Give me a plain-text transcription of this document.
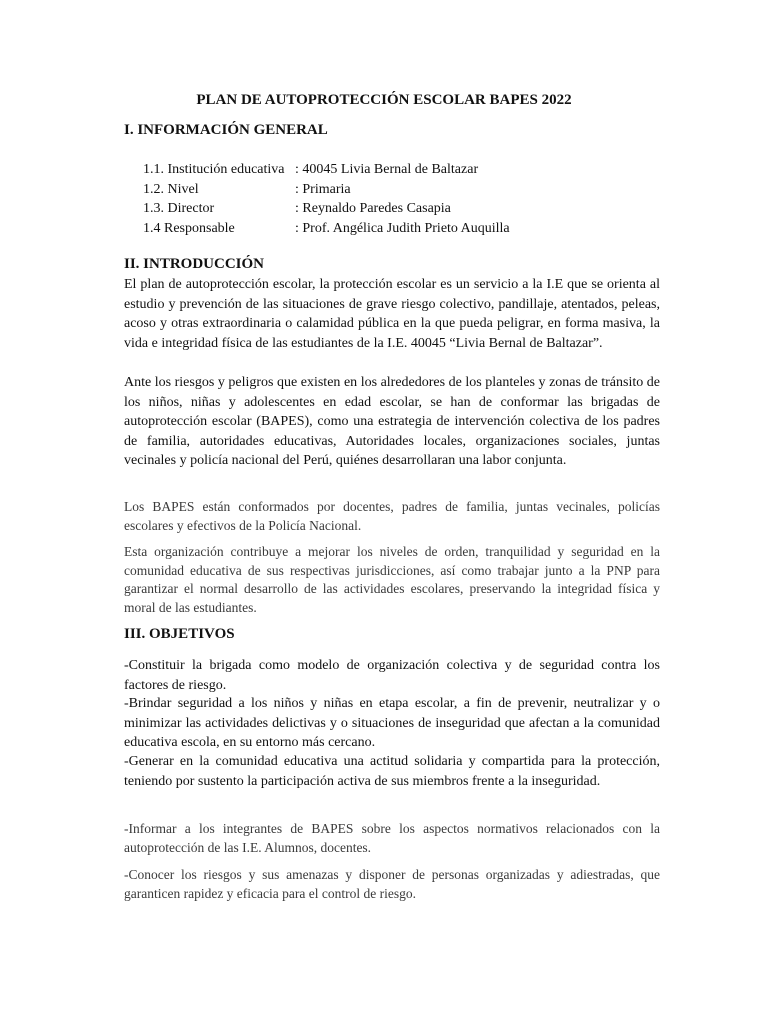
PLAN DE AUTOPROTECCIÓN ESCOLAR BAPES 2022
I. INFORMACIÓN GENERAL
1.1. Institución educativa : 40045 Livia Bernal de Baltazar
1.2. Nivel	: Primaria
1.3. Director	: Reynaldo Paredes Casapia
1.4 Responsable	: Prof. Angélica Judith Prieto Auquilla
II. INTRODUCCIÓN

El plan de autoprotección escolar, la protección escolar es un servicio a la I.E que se orienta al estudio y prevención de las situaciones de grave riesgo colectivo, pandillaje, atentados, peleas, acoso y otras extraordinaria o calamidad pública en la que pueda peligrar, en forma masiva, la vida e integridad física de las estudiantes de la I.E. 40045 “Livia Bernal de Baltazar”.

Ante los riesgos y peligros que existen en los alrededores de los planteles y zonas de tránsito de los niños, niñas y adolescentes en edad escolar, se han de conformar las brigadas de autoprotección escolar (BAPES), como una estrategia de intervención colectiva de los padres de familia, autoridades educativas, Autoridades locales, organizaciones sociales, juntas vecinales y policía nacional del Perú, quiénes desarrollaran una labor conjunta.

Los BAPES están conformados por docentes, padres de familia, juntas vecinales, policías escolares y efectivos de la Policía Nacional.

Esta organización contribuye a mejorar los niveles de orden, tranquilidad y seguridad en la comunidad educativa de sus respectivas jurisdicciones, así como trabajar junto a la PNP para garantizar el normal desarrollo de las actividades escolares, preservando la integridad física y moral de las estudiantes.

III. OBJETIVOS

-Constituir la brigada como modelo de organización colectiva y de seguridad contra los factores de riesgo.

-Brindar seguridad a los niños y niñas en etapa escolar, a fin de prevenir, neutralizar y o minimizar las actividades delictivas y o situaciones de inseguridad que afectan a la comunidad educativa escola, en su entorno más cercano.

-Generar en la comunidad educativa una actitud solidaria y compartida para la protección, teniendo por sustento la participación activa de sus miembros frente a la inseguridad.

-Informar a los integrantes de BAPES sobre los aspectos normativos relacionados con la autoprotección de las I.E. Alumnos, docentes.

-Conocer los riesgos y sus amenazas y disponer de personas organizadas y adiestradas, que garanticen rapidez y eficacia para el control de riesgo.
